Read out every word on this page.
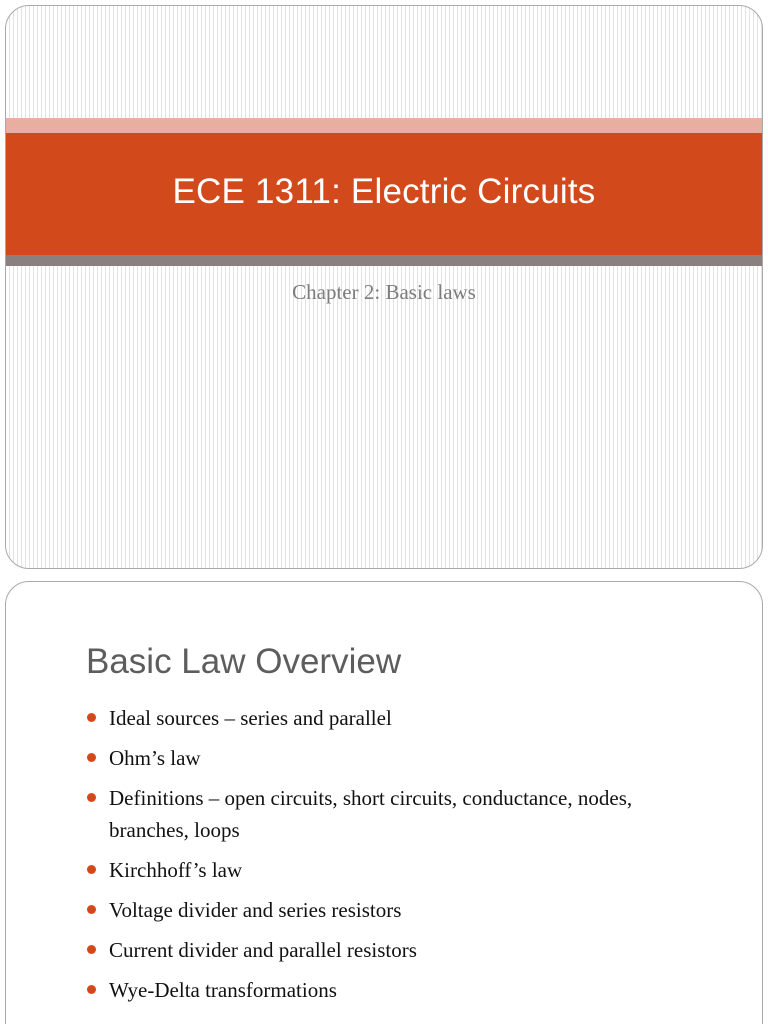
ECE 1311: Electric Circuits
Chapter 2: Basic laws
Basic Law Overview
Ideal sources – series and parallel
Ohm’s law
Definitions – open circuits, short circuits, conductance, nodes, branches, loops
Kirchhoff’s law
Voltage divider and series resistors
Current divider and parallel resistors
Wye-Delta transformations
